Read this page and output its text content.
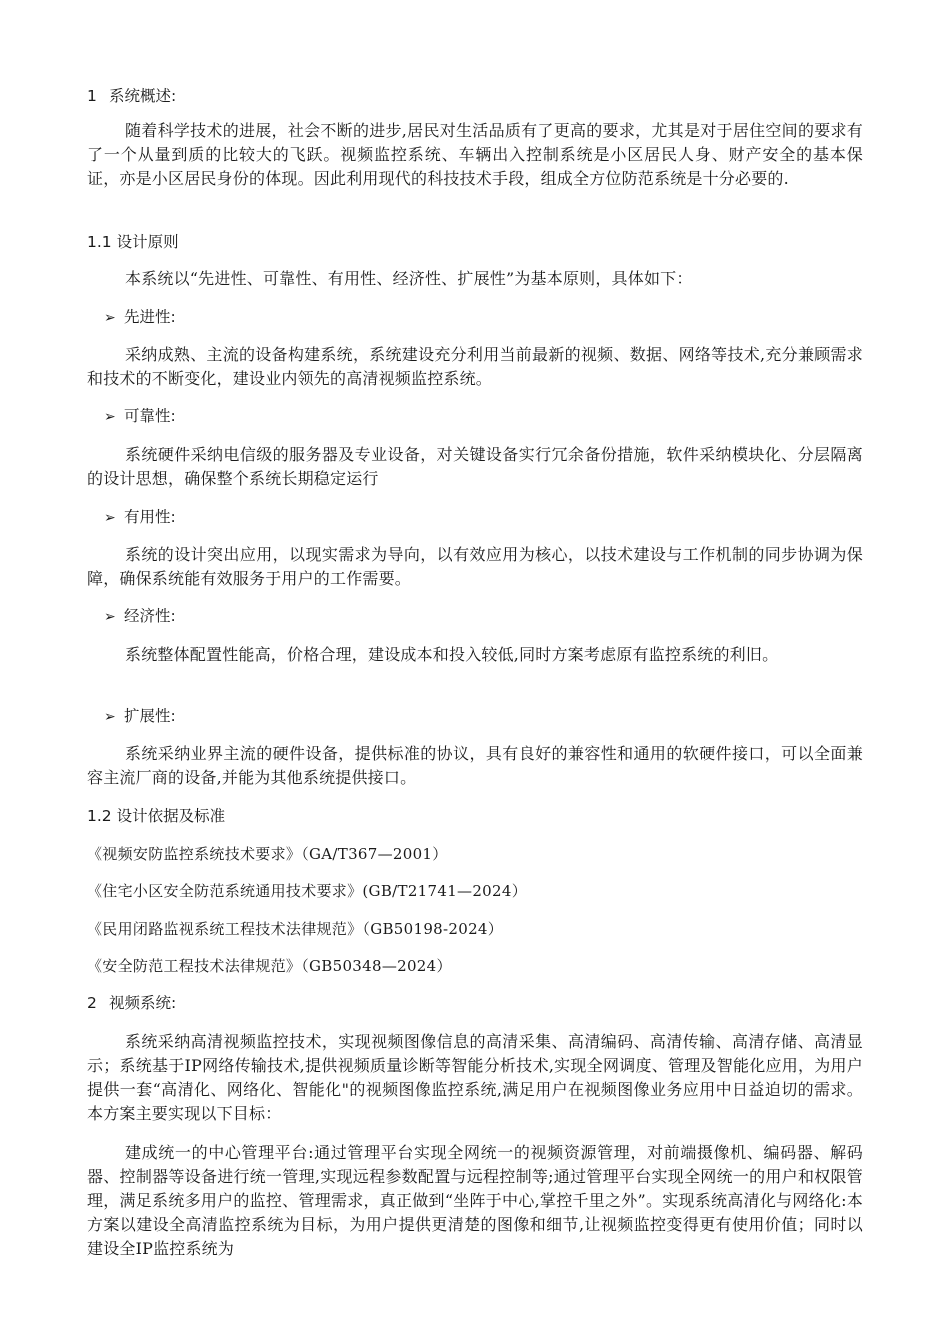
1 系统概述:

随着科学技术的进展，社会不断的进步,居民对生活品质有了更高的要求，尤其是对于居住空间的要求有了一个从量到质的比较大的飞跃。视频监控系统、车辆出入控制系统是小区居民人身、财产安全的基本保证，亦是小区居民身份的体现。因此利用现代的科技技术手段，组成全方位防范系统是十分必要的.

1.1 设计原则

本系统以“先进性、可靠性、有用性、经济性、扩展性”为基本原则，具体如下：

➢ 先进性:

采纳成熟、主流的设备构建系统，系统建设充分利用当前最新的视频、数据、网络等技术,充分兼顾需求和技术的不断变化，建设业内领先的高清视频监控系统。

➢ 可靠性:

系统硬件采纳电信级的服务器及专业设备，对关键设备实行冗余备份措施，软件采纳模块化、分层隔离的设计思想，确保整个系统长期稳定运行

➢ 有用性:

系统的设计突出应用，以现实需求为导向，以有效应用为核心，以技术建设与工作机制的同步协调为保障，确保系统能有效服务于用户的工作需要。

➢ 经济性:

系统整体配置性能高，价格合理，建设成本和投入较低,同时方案考虑原有监控系统的利旧。

➢ 扩展性:

系统采纳业界主流的硬件设备，提供标准的协议，具有良好的兼容性和通用的软硬件接口，可以全面兼容主流厂商的设备,并能为其他系统提供接口。

1.2 设计依据及标准
《视频安防监控系统技术要求》（GA/T367—2001）
《住宅小区安全防范系统通用技术要求》(GB/T21741—2024）
《民用闭路监视系统工程技术法律规范》（GB50198-2024）
《安全防范工程技术法律规范》（GB50348—2024）
2 视频系统:

系统采纳高清视频监控技术，实现视频图像信息的高清采集、高清编码、高清传输、高清存储、高清显示；系统基于IP网络传输技术,提供视频质量诊断等智能分析技术,实现全网调度、管理及智能化应用，为用户提供一套“高清化、网络化、智能化"的视频图像监控系统,满足用户在视频图像业务应用中日益迫切的需求。本方案主要实现以下目标：

建成统一的中心管理平台:通过管理平台实现全网统一的视频资源管理，对前端摄像机、编码器、解码器、控制器等设备进行统一管理,实现远程参数配置与远程控制等;通过管理平台实现全网统一的用户和权限管理，满足系统多用户的监控、管理需求，真正做到“坐阵于中心,掌控千里之外”。实现系统高清化与网络化:本方案以建设全高清监控系统为目标，为用户提供更清楚的图像和细节,让视频监控变得更有使用价值；同时以建设全IP监控系统为
